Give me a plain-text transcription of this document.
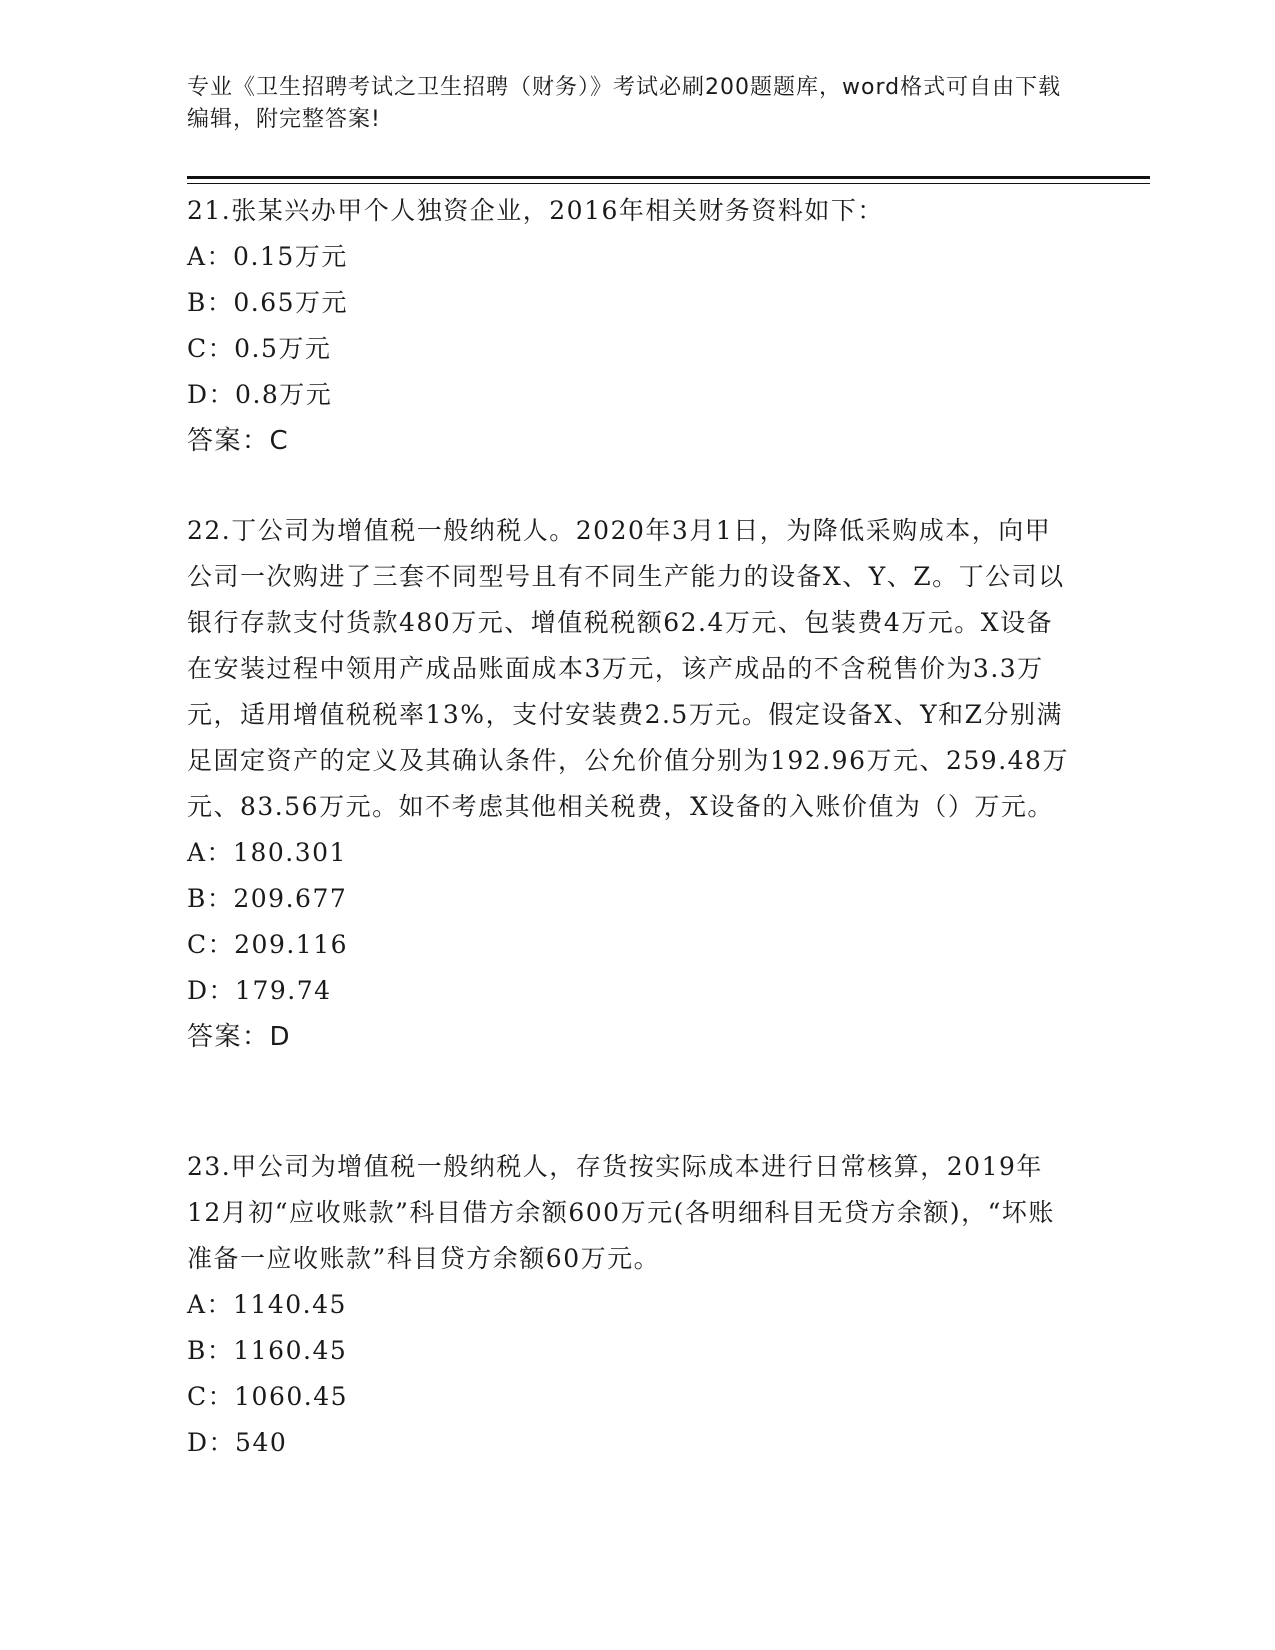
专业《卫生招聘考试之卫生招聘（财务）》考试必刷200题题库，word格式可自由下载编辑，附完整答案!
21.张某兴办甲个人独资企业，2016年相关财务资料如下：
A：0.15万元
B：0.65万元
C：0.5万元
D：0.8万元
答案：C
22.丁公司为增值税一般纳税人。2020年3月1日，为降低采购成本，向甲公司一次购进了三套不同型号且有不同生产能力的设备X、Y、Z。丁公司以银行存款支付货款480万元、增值税税额62.4万元、包装费4万元。X设备在安装过程中领用产成品账面成本3万元，该产成品的不含税售价为3.3万元，适用增值税税率13%，支付安装费2.5万元。假定设备X、Y和Z分别满足固定资产的定义及其确认条件，公允价值分别为192.96万元、259.48万元、83.56万元。如不考虑其他相关税费，X设备的入账价值为（）万元。
A：180.301
B：209.677
C：209.116
D：179.74
答案：D
23.甲公司为增值税一般纳税人，存货按实际成本进行日常核算，2019年12月初“应收账款”科目借方余额600万元(各明细科目无贷方余额)，“坏账准备一应收账款”科目贷方余额60万元。
A：1140.45
B：1160.45
C：1060.45
D：540
